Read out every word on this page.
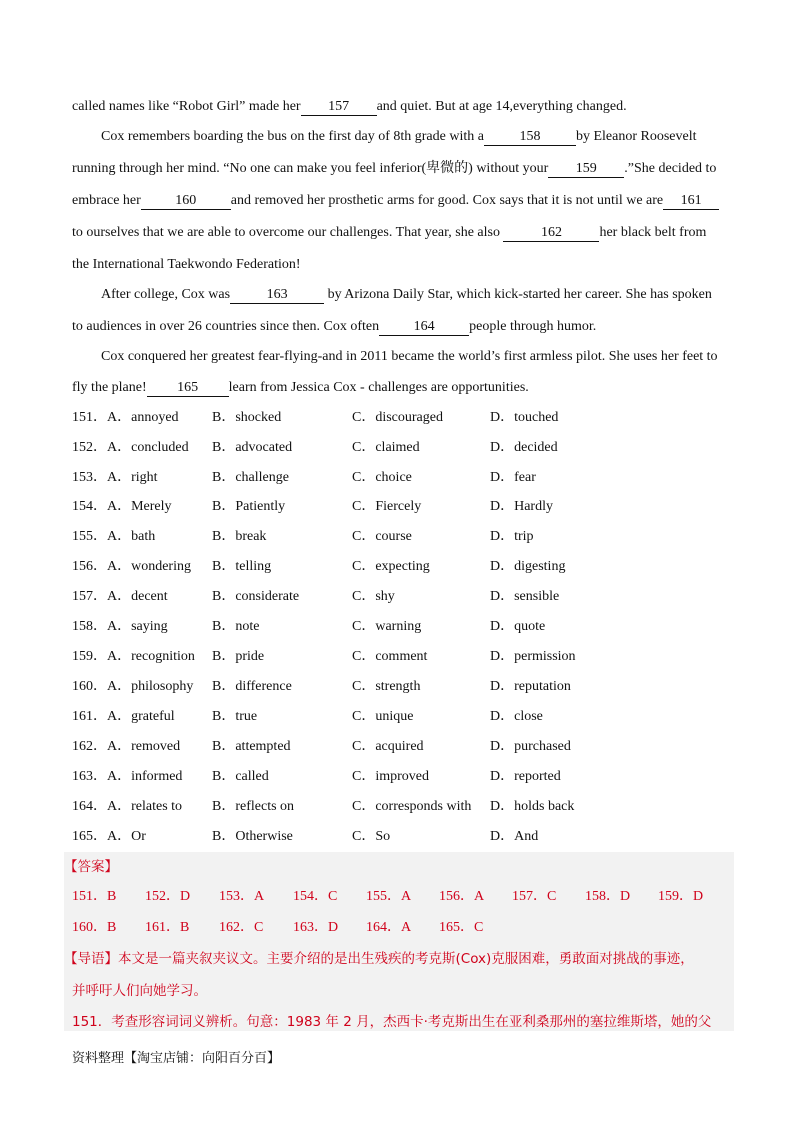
called names like “Robot Girl” made her 157 and quiet. But at age 14,everything changed.
Cox remembers boarding the bus on the first day of 8th grade with a	158	by Eleanor Roosevelt
running through her mind. “No one can make you feel inferior(卑微的) without your 159 .”She decided to
embrace her 160 and removed her prosthetic arms for good. Cox says that it is not until we are 161
to ourselves that we are able to overcome our challenges. That year, she also	162	her black belt from
the International Taekwondo Federation!
After college, Cox was	163	by Arizona Daily Star, which kick-started her career. She has spoken
to audiences in over 26 countries since then. Cox often 164 people through humor.
Cox conquered her greatest fear-flying-and in 2011 became the world’s first armless pilot. She uses her feet to
fly the plane! 165 learn from Jessica Cox - challenges are opportunities.
151．A．annoyed B．shocked	C．discouraged	D．touched
152．A．concluded B．advocated	C．claimed	D．decided
153．A．right	B．challenge	C．choice	D．fear
154．A．Merely	B．Patiently	C．Fiercely	D．Hardly
155．A．bath	B．break	C．course	D．trip
156．A．wondering B．telling	C．expecting	D．digesting
157．A．decent	B．considerate	C．shy	D．sensible
158．A．saying	B．note	C．warning	D．quote
159．A．recognition B．pride	C．comment	D．permission
160．A．philosophy B．difference	C．strength	D．reputation
161．A．grateful	B．true	C．unique	D．close
162．A．removed B．attempted	C．acquired	D．purchased
163．A．informed B．called	C．improved	D．reported
164．A．relates to B．reflects on	C．corresponds with D．holds back
165．A．Or	B．Otherwise	C．So	D．And
【答案】
151．B 152．D 153．A 154．C 155．A 156．A 157．C 158．D 159．D
160．B 161．B 162．C 163．D 164．A 165．C
【导语】本文是一篇夹叙夹议文。主要介绍的是出生残疾的考克斯(Cox)克服困难，勇敢面对挑战的事迹，
并呼吁人们向她学习。
151．考查形容词词义辨析。句意：1983 年 2 月，杰西卡·考克斯出生在亚利桑那州的塞拉维斯塔，她的父
资料整理【淘宝店铺：向阳百分百】
